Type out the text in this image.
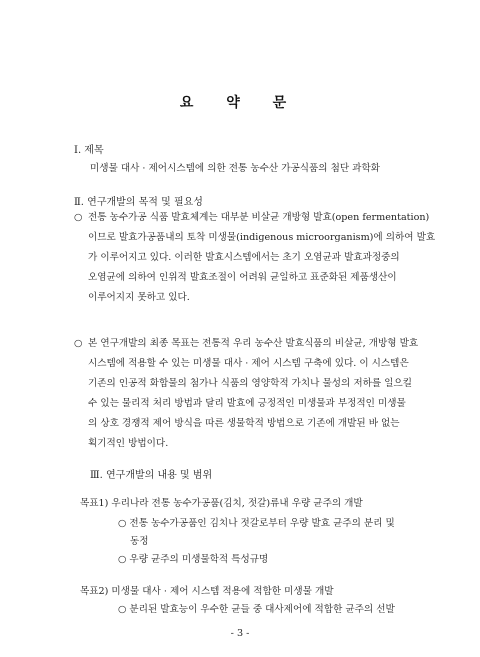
요 약 문
Ⅰ. 제목
미생물 대사 · 제어시스템에 의한 전통 농수산 가공식품의 첨단 과학화
Ⅱ. 연구개발의 목적 및 필요성
○ 전통 농수가공 식품 발효체계는 대부분 비살균 개방형 발효(open fermentation)
이므로 발효가공품내의 토착 미생물(indigenous microorganism)에 의하여 발효
가 이루어지고 있다. 이러한 발효시스템에서는 초기 오염균과 발효과정중의
오염균에 의하여 인위적 발효조절이 어려워 균일하고 표준화된 제품생산이
이루어지지 못하고 있다.
○ 본 연구개발의 최종 목표는 전통적 우리 농수산 발효식품의 비살균, 개방형 발효
시스템에 적용할 수 있는 미생물 대사 · 제어 시스템 구축에 있다. 이 시스템은
기존의 인공적 화합물의 첨가나 식품의 영양학적 가치나 물성의 저하를 일으킬
수 있는 물리적 처리 방법과 달리 발효에 긍정적인 미생물과 부정적인 미생물
의 상호 경쟁적 제어 방식을 따른 생물학적 방법으로 기존에 개발된 바 없는
획기적인 방법이다.
Ⅲ. 연구개발의 내용 및 범위
목표1) 우리나라 전통 농수가공품(김치, 젓갈)류내 우량 균주의 개발
○ 전통 농수가공품인 김치나 젓갈로부터 우량 발효 균주의 분리 및
동정
○ 우량 균주의 미생물학적 특성규명
목표2) 미생물 대사 · 제어 시스템 적용에 적합한 미생물 개발
○ 분리된 발효능이 우수한 균들 중 대사제어에 적합한 균주의 선발
- 3 -
